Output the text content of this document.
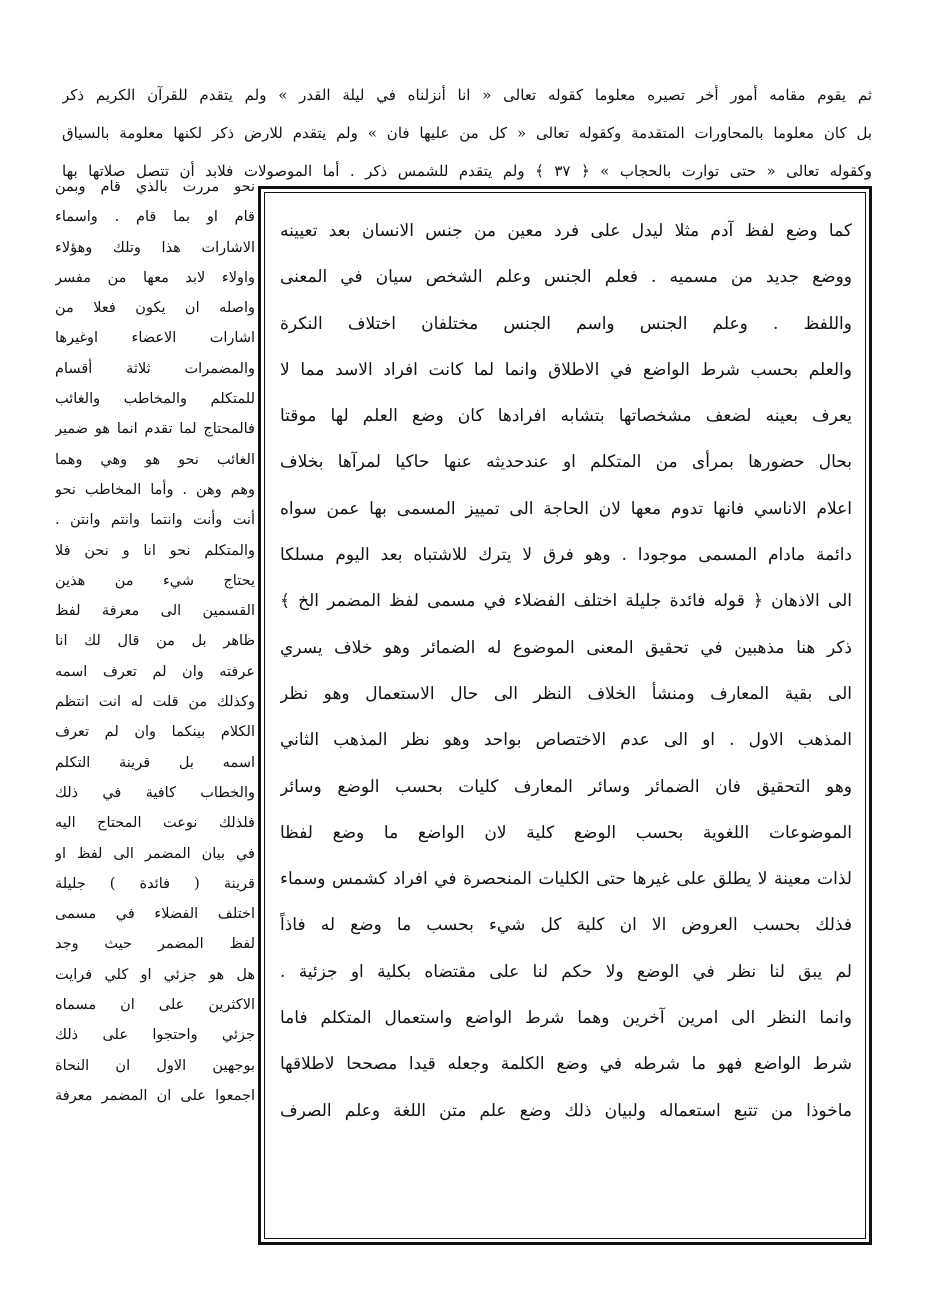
ثم يقوم مقامه أمور أخر تصيره معلوما كقوله تعالى « انا أنزلناه في ليلة القدر » ولم يتقدم للقرآن الكريم ذكر
بل كان معلوما بالمحاورات المتقدمة وكقوله تعالى « كل من عليها فان » ولم يتقدم للارض ذكر لكنها معلومة بالسياق
وكقوله تعالى « حتى توارت بالحجاب » ﴿ ٣٧ ﴾ ولم يتقدم للشمس ذكر . أما الموصولات فلابد أن تتصل صلاتها بها
نحو مررت بالذي قام وبمن
قام او بما قام . واسماء
الاشارات هذا وتلك وهؤلاء
واولاء لابد معها من مفسر
واصله ان يكون فعلا من
اشارات الاعضاء اوغيرها
والمضمرات ثلاثة أقسام
للمتكلم والمخاطب والغائب
فالمحتاج لما تقدم انما هو ضمير
الغائب نحو هو وهي وهما
وهم وهن . وأما المخاطب نحو
أنت وأنت وانتما وانتم وانتن .
والمتكلم نحو انا و نحن فلا
يحتاج شيء من هذين
القسمين الى معرفة لفظ
ظاهر بل من قال لك انا
عرفته وان لم تعرف اسمه
وكذلك من قلت له انت انتظم
الكلام بينكما وان لم تعرف
اسمه بل قرينة التكلم
والخطاب كافية في ذلك
فلذلك نوعت المحتاج اليه
في بيان المضمر الى لفظ او
قرينة ( فائدة ) جليلة
اختلف الفضلاء في مسمى
لفظ المضمر حيث وجد
هل هو جزئي او كلي فرايت
الاكثرين على ان مسماه
جزئي واحتجوا على ذلك
بوجهين الاول ان النحاة
اجمعوا على ان المضمر معرفة
كما وضع لفظ آدم مثلا ليدل على فرد معين من جنس الانسان بعد تعيينه
ووضع جديد من مسميه . فعلم الجنس وعلم الشخص سيان في المعنى
واللفظ . وعلم الجنس واسم الجنس مختلفان اختلاف النكرة
والعلم بحسب شرط الواضع في الاطلاق وانما لما كانت افراد الاسد مما لا
يعرف بعينه لضعف مشخصاتها بتشابه افرادها كان وضع العلم لها موقتا
بحال حضورها بمرأى من المتكلم او عندحديثه عنها حاكيا لمرآها بخلاف
اعلام الاناسي فانها تدوم معها لان الحاجة الى تمييز المسمى بها عمن سواه
دائمة مادام المسمى موجودا . وهو فرق لا يترك للاشتباه بعد اليوم مسلكا
الى الاذهان ﴿ قوله فائدة جليلة اختلف الفضلاء في مسمى لفظ المضمر الخ ﴾
ذكر هنا مذهبين في تحقيق المعنى الموضوع له الضمائر وهو خلاف يسري
الى بقية المعارف ومنشأ الخلاف النظر الى حال الاستعمال وهو نظر
المذهب الاول . او الى عدم الاختصاص بواحد وهو نظر المذهب الثاني
وهو التحقيق فان الضمائر وسائر المعارف كليات بحسب الوضع وسائر
الموضوعات اللغوية بحسب الوضع كلية لان الواضع ما وضع لفظا
لذات معينة لا يطلق على غيرها حتى الكليات المنحصرة في افراد كشمس وسماء
فذلك بحسب العروض الا ان كلية كل شيء بحسب ما وضع له فاذاً
لم يبق لنا نظر في الوضع ولا حكم لنا على مقتضاه بكلية او جزئية .
وانما النظر الى امرين آخرين وهما شرط الواضع واستعمال المتكلم فاما
شرط الواضع فهو ما شرطه في وضع الكلمة وجعله قيدا مصححا لاطلاقها
ماخوذا من تتبع استعماله ولبيان ذلك وضع علم متن اللغة وعلم الصرف
